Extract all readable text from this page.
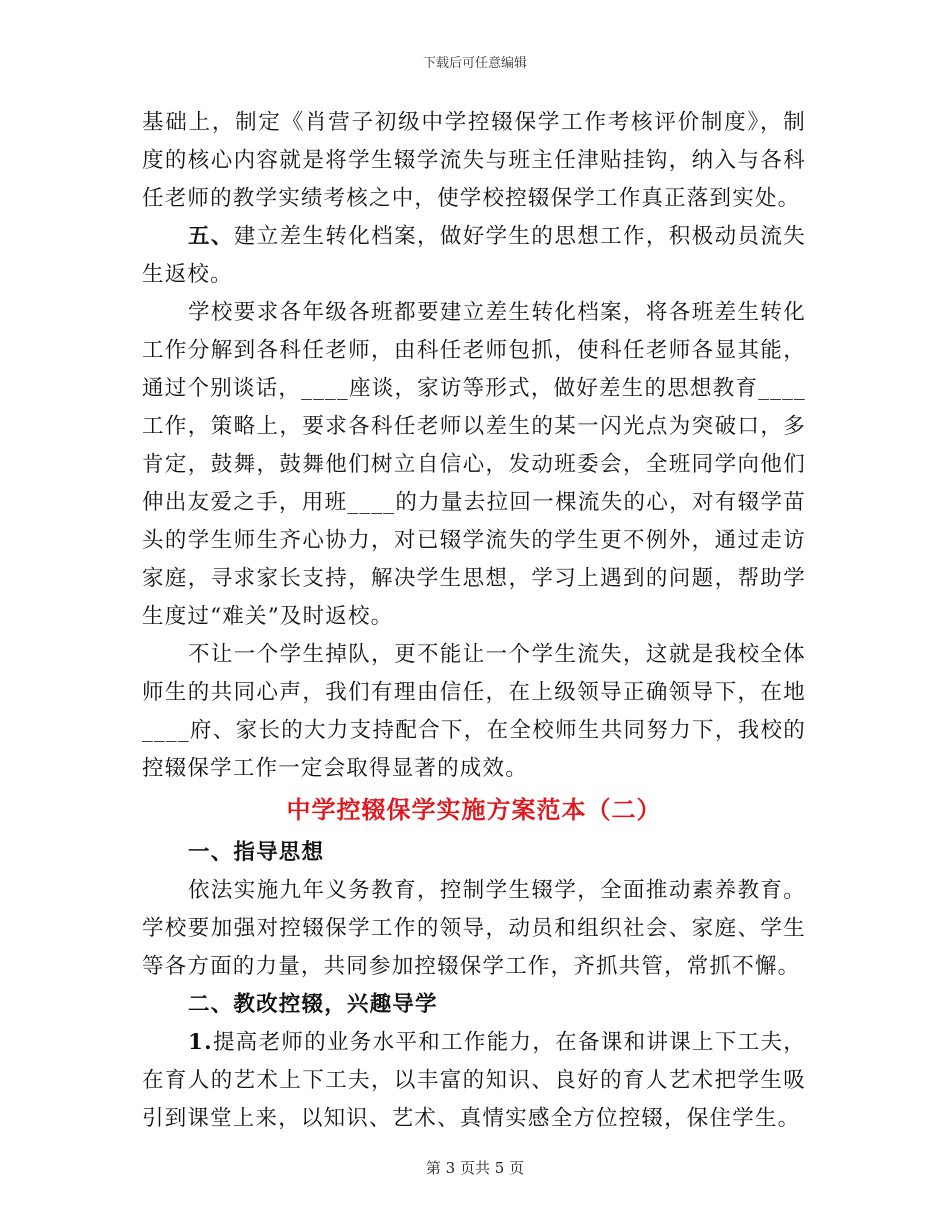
下载后可任意编辑

基础上，制定《肖营子初级中学控辍保学工作考核评价制度》，制度的核心内容就是将学生辍学流失与班主任津贴挂钩，纳入与各科任老师的教学实绩考核之中，使学校控辍保学工作真正落到实处。

五、建立差生转化档案，做好学生的思想工作，积极动员流失生返校。

学校要求各年级各班都要建立差生转化档案，将各班差生转化工作分解到各科任老师，由科任老师包抓，使科任老师各显其能，通过个别谈话，____座谈，家访等形式，做好差生的思想教育____工作，策略上，要求各科任老师以差生的某一闪光点为突破口，多肯定，鼓舞，鼓舞他们树立自信心，发动班委会，全班同学向他们伸出友爱之手，用班____的力量去拉回一棵流失的心，对有辍学苗头的学生师生齐心协力，对已辍学流失的学生更不例外，通过走访家庭，寻求家长支持，解决学生思想，学习上遇到的问题，帮助学生度过“难关”及时返校。

不让一个学生掉队，更不能让一个学生流失，这就是我校全体师生的共同心声，我们有理由信任，在上级领导正确领导下，在地____府、家长的大力支持配合下，在全校师生共同努力下，我校的控辍保学工作一定会取得显著的成效。

中学控辍保学实施方案范本（二）

一、指导思想

依法实施九年义务教育，控制学生辍学，全面推动素养教育。学校要加强对控辍保学工作的领导，动员和组织社会、家庭、学生等各方面的力量，共同参加控辍保学工作，齐抓共管，常抓不懈。

二、教改控辍，兴趣导学

1.提高老师的业务水平和工作能力，在备课和讲课上下工夫，在育人的艺术上下工夫，以丰富的知识、良好的育人艺术把学生吸引到课堂上来，以知识、艺术、真情实感全方位控辍，保住学生。

第 3 页共 5 页
